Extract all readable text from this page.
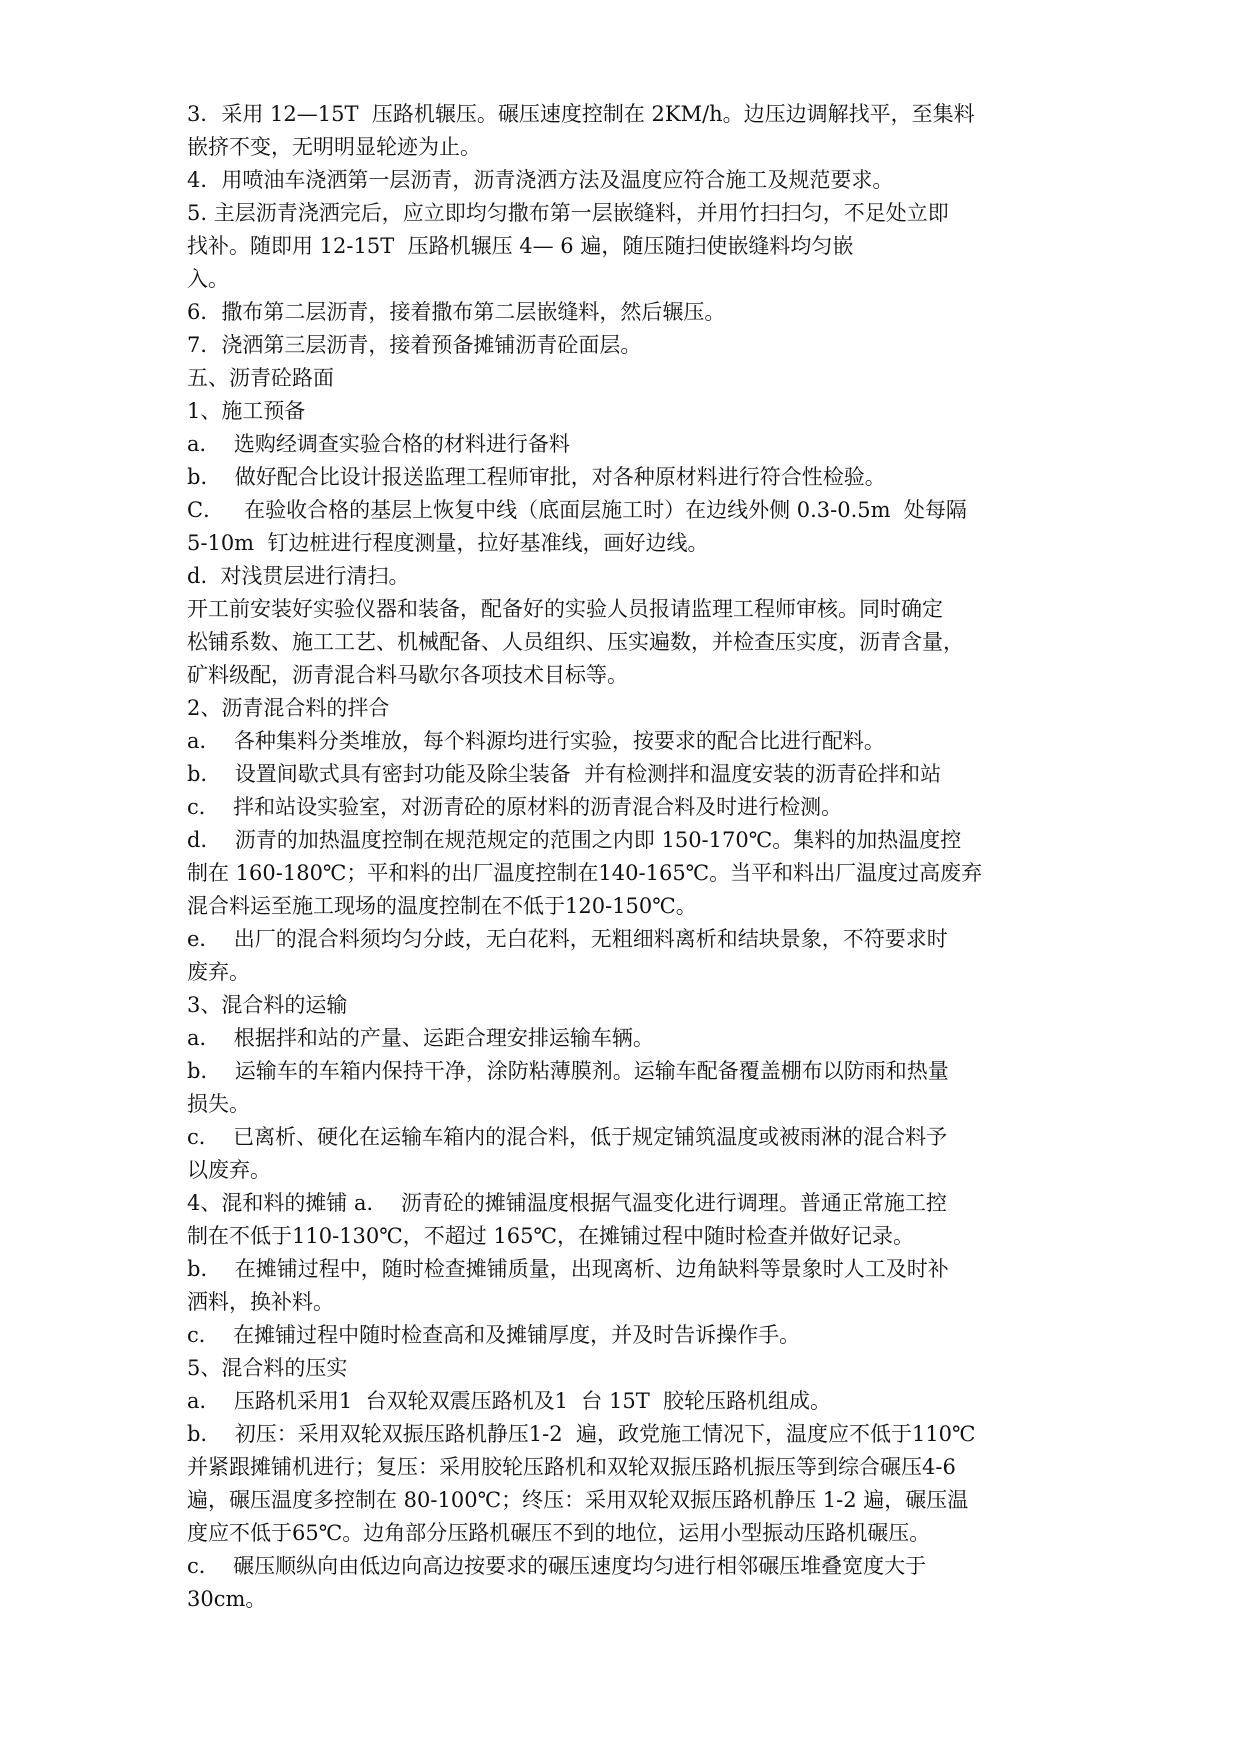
3．采用 12—15T  压路机辗压。碾压速度控制在 2KM/h。边压边调解找平，至集料
嵌挤不变，无明明显轮迹为止。
4．用喷油车浇洒第一层沥青，沥青浇洒方法及温度应符合施工及规范要求。
5. 主层沥青浇洒完后，应立即均匀撒布第一层嵌缝料，并用竹扫扫匀，不足处立即
找补。随即用 12-15T  压路机辗压 4— 6 遍，随压随扫使嵌缝料均匀嵌
入。
6．撒布第二层沥青，接着撒布第二层嵌缝料，然后辗压。
7．浇洒第三层沥青，接着预备摊铺沥青砼面层。
五、沥青砼路面
1、施工预备
a．  选购经调查实验合格的材料进行备料
b．  做好配合比设计报送监理工程师审批，对各种原材料进行符合性检验。
C．   在验收合格的基层上恢复中线（底面层施工时）在边线外侧 0.3-0.5m  处每隔
5-10m  钉边桩进行程度测量，拉好基准线，画好边线。
d.  对浅贯层进行清扫。
开工前安装好实验仪器和装备，配备好的实验人员报请监理工程师审核。同时确定
松铺系数、施工工艺、机械配备、人员组织、压实遍数，并检查压实度，沥青含量，
矿料级配，沥青混合料马歇尔各项技术目标等。
2、沥青混合料的拌合
a．  各种集料分类堆放，每个料源均进行实验，按要求的配合比进行配料。
b．  设置间歇式具有密封功能及除尘装备  并有检测拌和温度安装的沥青砼拌和站
c．  拌和站设实验室，对沥青砼的原材料的沥青混合料及时进行检测。
d．  沥青的加热温度控制在规范规定的范围之内即 150-170℃。集料的加热温度控
制在 160-180℃；平和料的出厂温度控制在140-165℃。当平和料出厂温度过高废弃
混合料运至施工现场的温度控制在不低于120-150℃。
e．  出厂的混合料须均匀分歧，无白花料，无粗细料离析和结块景象，不符要求时
废弃。
3、混合料的运输
a．  根据拌和站的产量、运距合理安排运输车辆。
b．  运输车的车箱内保持干净，涂防粘薄膜剂。运输车配备覆盖棚布以防雨和热量
损失。
c．  已离析、硬化在运输车箱内的混合料，低于规定铺筑温度或被雨淋的混合料予
以废弃。
4、混和料的摊铺 a．  沥青砼的摊铺温度根据气温变化进行调理。普通正常施工控
制在不低于110-130℃，不超过 165℃，在摊铺过程中随时检查并做好记录。
b．  在摊铺过程中，随时检查摊铺质量，出现离析、边角缺料等景象时人工及时补
洒料，换补料。
c．  在摊铺过程中随时检查高和及摊铺厚度，并及时告诉操作手。
5、混合料的压实
a．  压路机采用1  台双轮双震压路机及1  台 15T  胶轮压路机组成。
b．  初压：采用双轮双振压路机静压1-2  遍，政党施工情况下，温度应不低于110℃
并紧跟摊铺机进行；复压：采用胶轮压路机和双轮双振压路机振压等到综合碾压4-6
遍，碾压温度多控制在 80-100℃；终压：采用双轮双振压路机静压 1-2 遍，碾压温
度应不低于65℃。边角部分压路机碾压不到的地位，运用小型振动压路机碾压。
c．  碾压顺纵向由低边向高边按要求的碾压速度均匀进行相邻碾压堆叠宽度大于
30cm。
